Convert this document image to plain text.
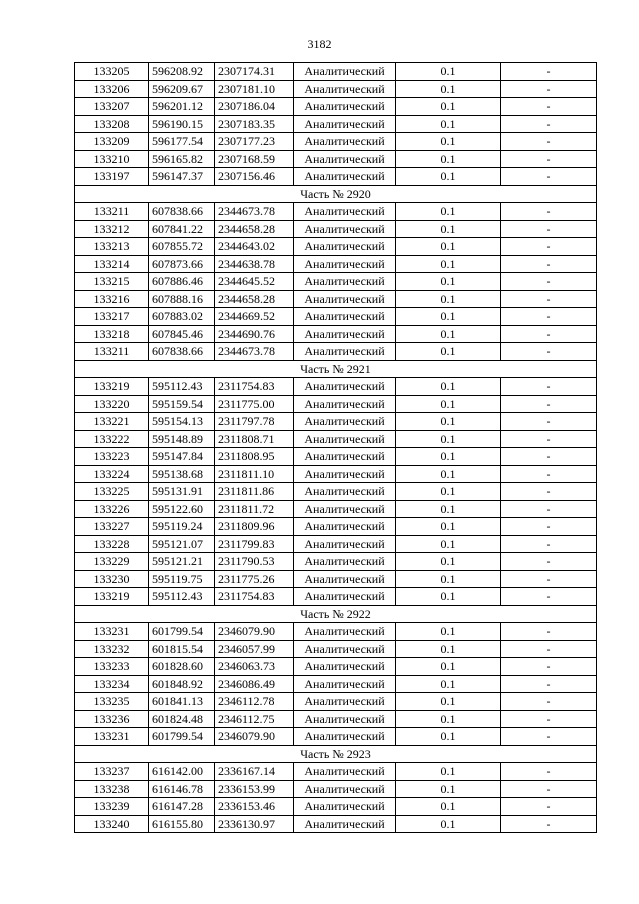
3182
133205	596208.92	2307174.31	Аналитический	0.1	-
133206	596209.67	2307181.10	Аналитический	0.1	-
133207	596201.12	2307186.04	Аналитический	0.1	-
133208	596190.15	2307183.35	Аналитический	0.1	-
133209	596177.54	2307177.23	Аналитический	0.1	-
133210	596165.82	2307168.59	Аналитический	0.1	-
133197	596147.37	2307156.46	Аналитический	0.1	-
Часть № 2920					
133211	607838.66	2344673.78	Аналитический	0.1	-
133212	607841.22	2344658.28	Аналитический	0.1	-
133213	607855.72	2344643.02	Аналитический	0.1	-
133214	607873.66	2344638.78	Аналитический	0.1	-
133215	607886.46	2344645.52	Аналитический	0.1	-
133216	607888.16	2344658.28	Аналитический	0.1	-
133217	607883.02	2344669.52	Аналитический	0.1	-
133218	607845.46	2344690.76	Аналитический	0.1	-
133211	607838.66	2344673.78	Аналитический	0.1	-
Часть № 2921					
133219	595112.43	2311754.83	Аналитический	0.1	-
133220	595159.54	2311775.00	Аналитический	0.1	-
133221	595154.13	2311797.78	Аналитический	0.1	-
133222	595148.89	2311808.71	Аналитический	0.1	-
133223	595147.84	2311808.95	Аналитический	0.1	-
133224	595138.68	2311811.10	Аналитический	0.1	-
133225	595131.91	2311811.86	Аналитический	0.1	-
133226	595122.60	2311811.72	Аналитический	0.1	-
133227	595119.24	2311809.96	Аналитический	0.1	-
133228	595121.07	2311799.83	Аналитический	0.1	-
133229	595121.21	2311790.53	Аналитический	0.1	-
133230	595119.75	2311775.26	Аналитический	0.1	-
133219	595112.43	2311754.83	Аналитический	0.1	-
Часть № 2922					
133231	601799.54	2346079.90	Аналитический	0.1	-
133232	601815.54	2346057.99	Аналитический	0.1	-
133233	601828.60	2346063.73	Аналитический	0.1	-
133234	601848.92	2346086.49	Аналитический	0.1	-
133235	601841.13	2346112.78	Аналитический	0.1	-
133236	601824.48	2346112.75	Аналитический	0.1	-
133231	601799.54	2346079.90	Аналитический	0.1	-
Часть № 2923					
133237	616142.00	2336167.14	Аналитический	0.1	-
133238	616146.78	2336153.99	Аналитический	0.1	-
133239	616147.28	2336153.46	Аналитический	0.1	-
133240	616155.80	2336130.97	Аналитический	0.1	-
